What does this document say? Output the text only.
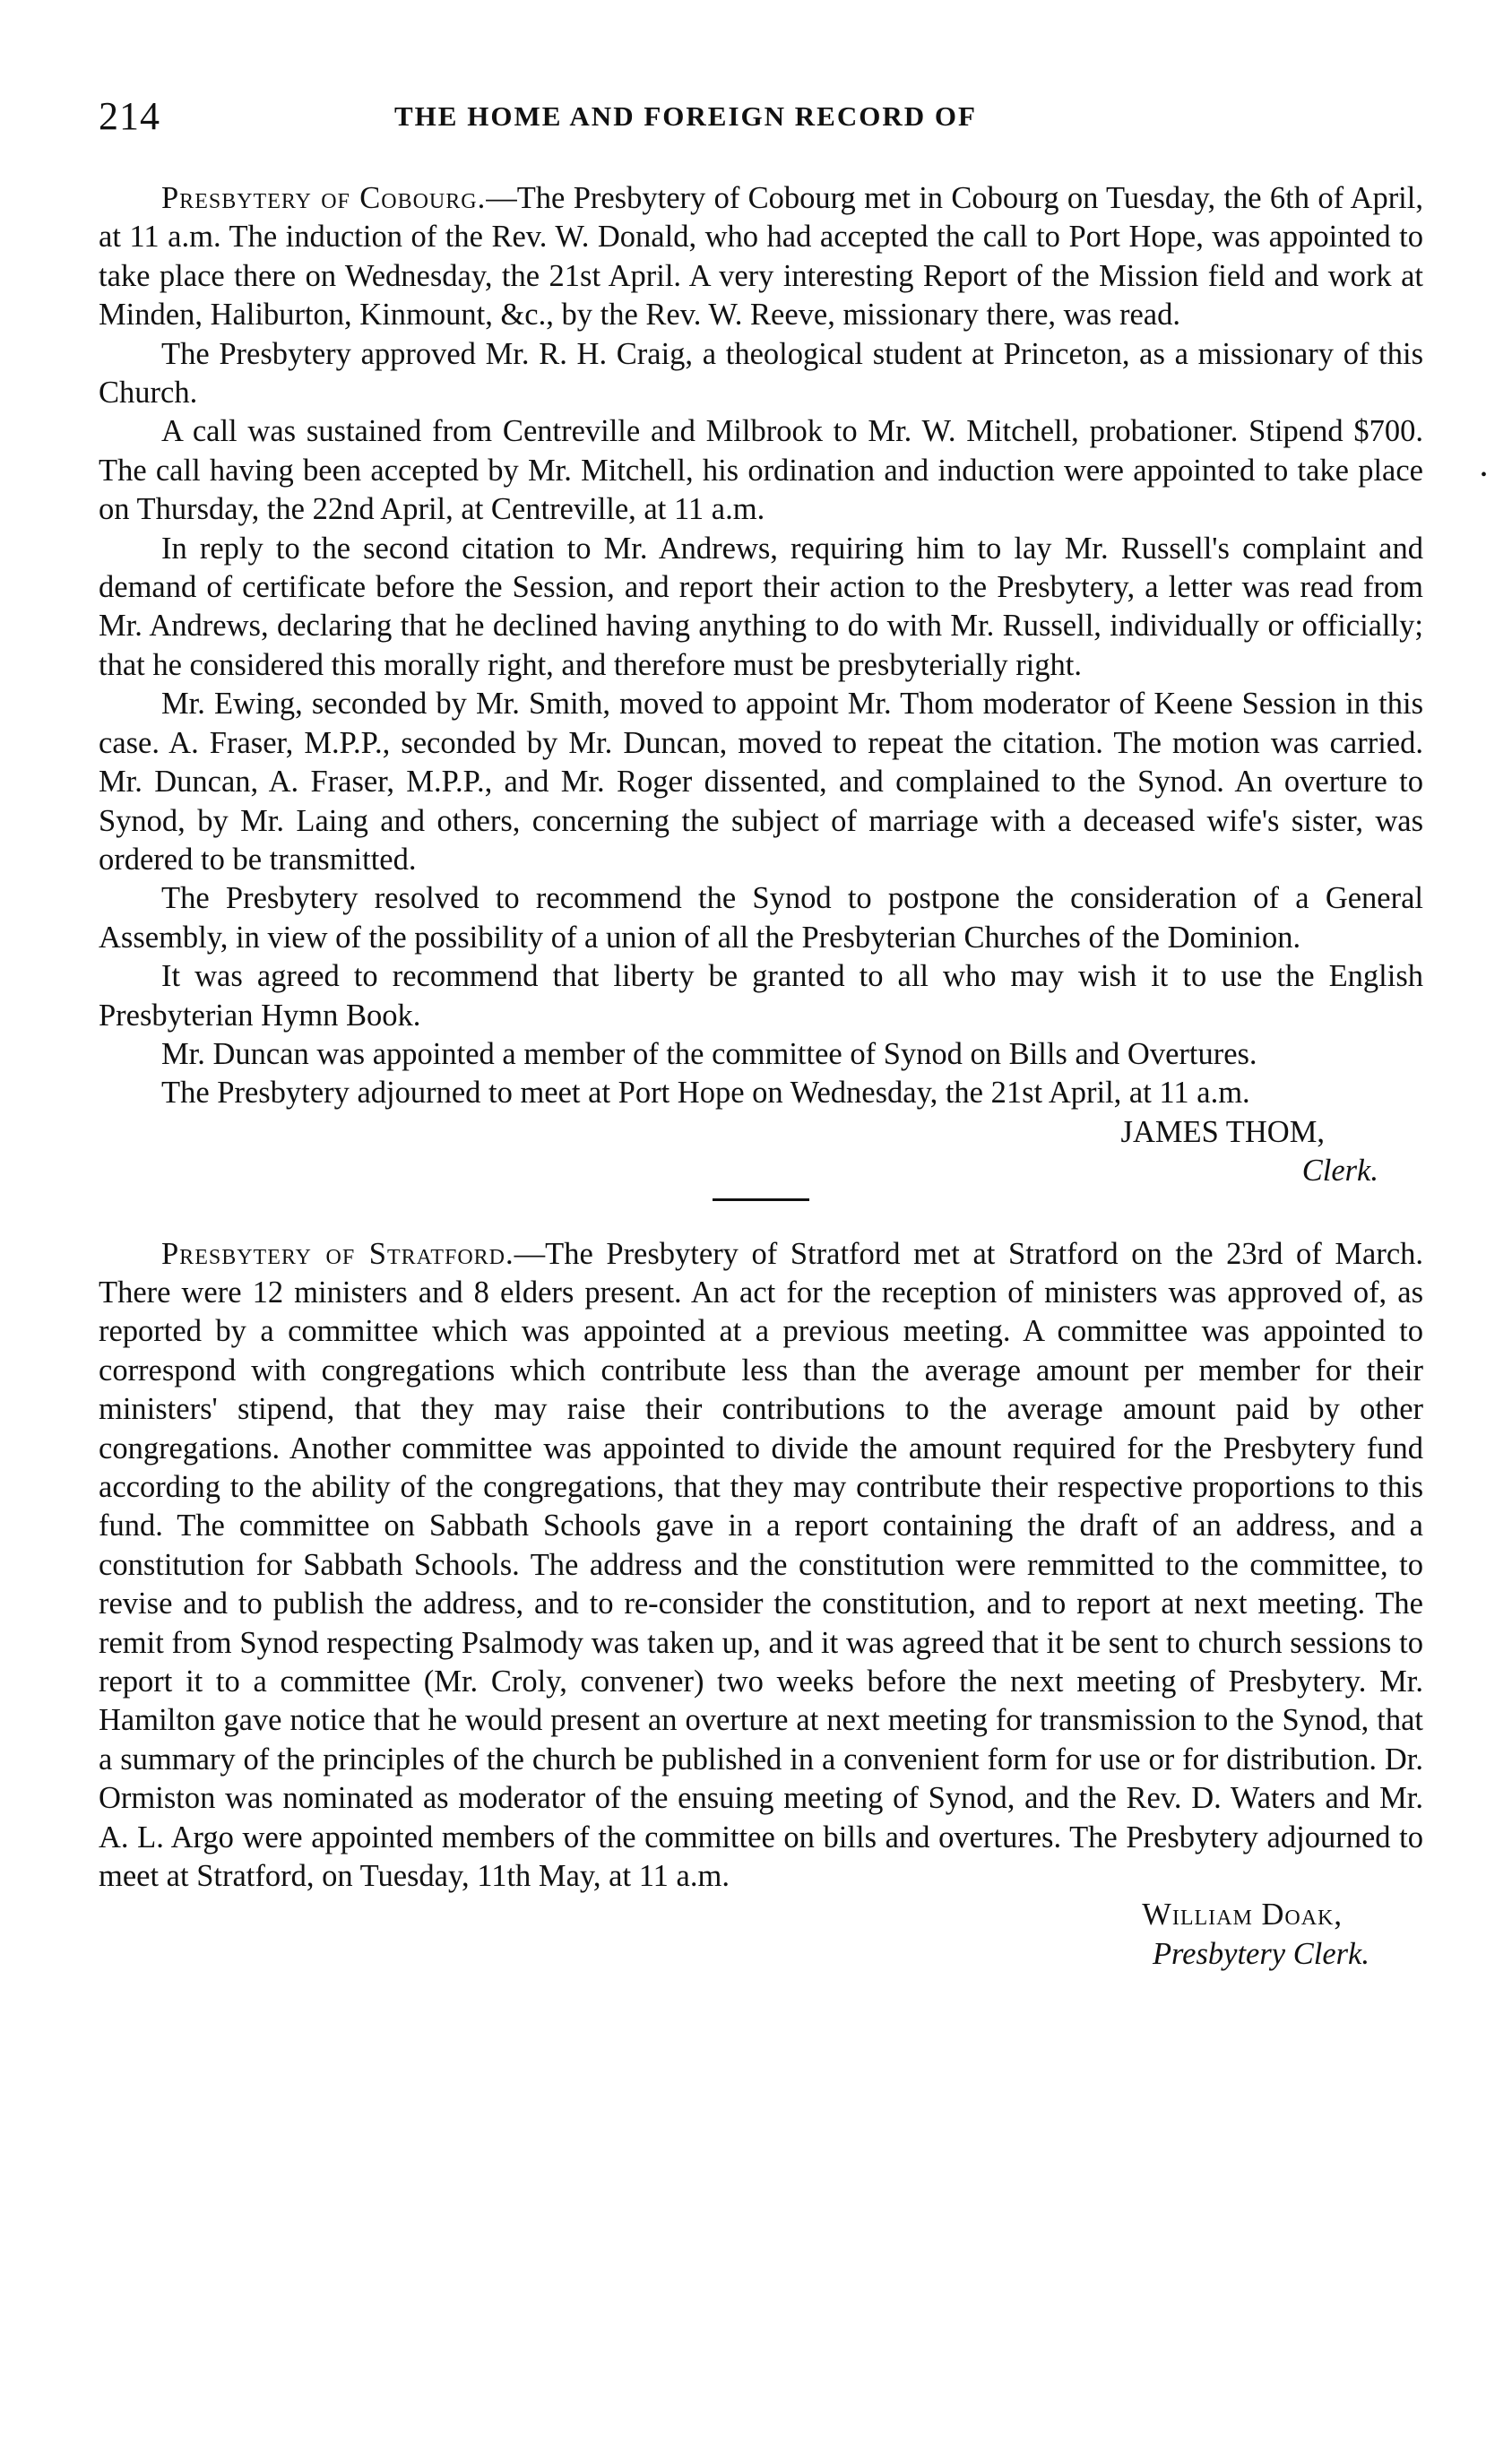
214	THE HOME AND FOREIGN RECORD OF
•

Presbytery of Cobourg.—The Presbytery of Cobourg met in Cobourg on Tuesday, the 6th of April, at 11 a.m. The induction of the Rev. W. Donald, who had accepted the call to Port Hope, was appointed to take place there on Wednesday, the 21st April. A very interesting Report of the Mission field and work at Minden, Haliburton, Kinmount, &c., by the Rev. W. Reeve, missionary there, was read.

The Presbytery approved Mr. R. H. Craig, a theological student at Princeton, as a missionary of this Church.

A call was sustained from Centreville and Milbrook to Mr. W. Mitchell, probationer. Stipend $700. The call having been accepted by Mr. Mitchell, his ordination and induction were appointed to take place on Thursday, the 22nd April, at Centreville, at 11 a.m.

In reply to the second citation to Mr. Andrews, requiring him to lay Mr. Russell's complaint and demand of certificate before the Session, and report their action to the Presbytery, a letter was read from Mr. Andrews, declaring that he declined having anything to do with Mr. Russell, individually or officially; that he considered this morally right, and therefore must be presbyterially right.

Mr. Ewing, seconded by Mr. Smith, moved to appoint Mr. Thom moderator of Keene Session in this case. A. Fraser, M.P.P., seconded by Mr. Duncan, moved to repeat the citation. The motion was carried. Mr. Duncan, A. Fraser, M.P.P., and Mr. Roger dissented, and complained to the Synod. An overture to Synod, by Mr. Laing and others, concerning the subject of marriage with a deceased wife's sister, was ordered to be transmitted.

The Presbytery resolved to recommend the Synod to postpone the consideration of a General Assembly, in view of the possibility of a union of all the Presbyterian Churches of the Dominion.

It was agreed to recommend that liberty be granted to all who may wish it to use the English Presbyterian Hymn Book.

Mr. Duncan was appointed a member of the committee of Synod on Bills and Overtures.

The Presbytery adjourned to meet at Port Hope on Wednesday, the 21st April, at 11 a.m.

JAMES THOM,
Clerk.

Presbytery of Stratford.—The Presbytery of Stratford met at Stratford on the 23rd of March. There were 12 ministers and 8 elders present. An act for the reception of ministers was approved of, as reported by a committee which was appointed at a previous meeting. A committee was appointed to correspond with congregations which contribute less than the average amount per member for their ministers' stipend, that they may raise their contributions to the average amount paid by other congregations. Another committee was appointed to divide the amount required for the Presbytery fund according to the ability of the congregations, that they may contribute their respective proportions to this fund. The committee on Sabbath Schools gave in a report containing the draft of an address, and a constitution for Sabbath Schools. The address and the constitution were remmitted to the committee, to revise and to publish the address, and to re-consider the constitution, and to report at next meeting. The remit from Synod respecting Psalmody was taken up, and it was agreed that it be sent to church sessions to report it to a committee (Mr. Croly, convener) two weeks before the next meeting of Presbytery. Mr. Hamilton gave notice that he would present an overture at next meeting for transmission to the Synod, that a summary of the principles of the church be published in a convenient form for use or for distribution. Dr. Ormiston was nominated as moderator of the ensuing meeting of Synod, and the Rev. D. Waters and Mr. A. L. Argo were appointed members of the committee on bills and overtures. The Presbytery adjourned to meet at Stratford, on Tuesday, 11th May, at 11 a.m.

William Doak,
Presbytery Clerk.
